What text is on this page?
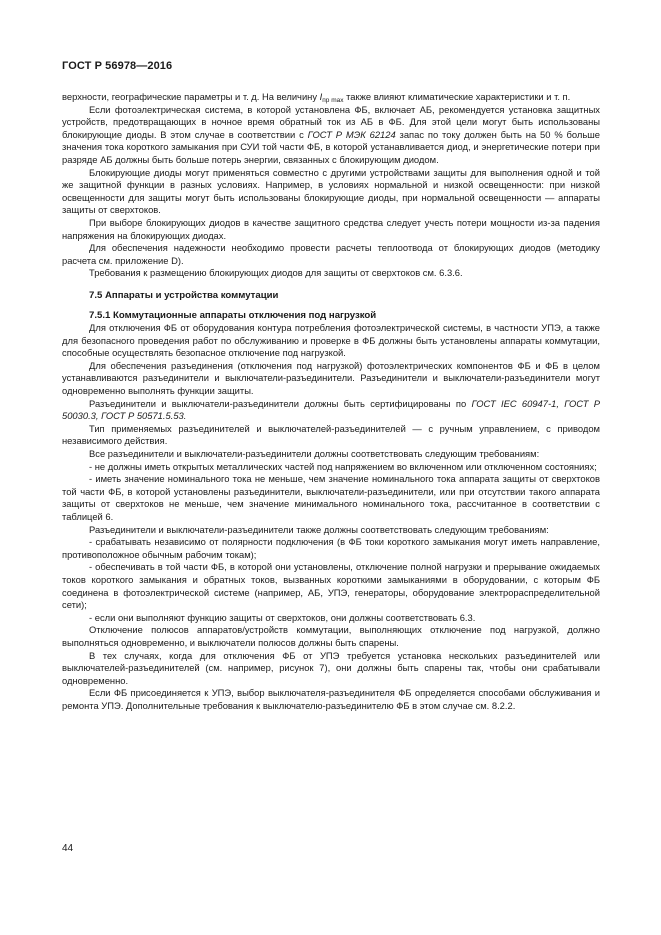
ГОСТ Р 56978—2016

верхности, географические параметры и т. д. На величину $I_{пр max}$ также влияют климатические характеристики и т. п.

Если фотоэлектрическая система, в которой установлена ФБ, включает АБ, рекомендуется установка защитных устройств, предотвращающих в ночное время обратный ток из АБ в ФБ. Для этой цели могут быть использованы блокирующие диоды. В этом случае в соответствии с ГОСТ Р МЭК 62124 запас по току должен быть на 50 % больше значения тока короткого замыкания при СУИ той части ФБ, в которой устанавливается диод, и энергетические потери при разряде АБ должны быть больше потерь энергии, связанных с блокирующим диодом.

Блокирующие диоды могут применяться совместно с другими устройствами защиты для выполнения одной и той же защитной функции в разных условиях. Например, в условиях нормальной и низкой освещенности: при низкой освещенности для защиты могут быть использованы блокирующие диоды, при нормальной освещенности — аппараты защиты от сверхтоков.

При выборе блокирующих диодов в качестве защитного средства следует учесть потери мощности из-за падения напряжения на блокирующих диодах.

Для обеспечения надежности необходимо провести расчеты теплоотвода от блокирующих диодов (методику расчета см. приложение D).

Требования к размещению блокирующих диодов для защиты от сверхтоков см. 6.3.6.

7.5 Аппараты и устройства коммутации
7.5.1 Коммутационные аппараты отключения под нагрузкой

Для отключения ФБ от оборудования контура потребления фотоэлектрической системы, в частности УПЭ, а также для безопасного проведения работ по обслуживанию и проверке в ФБ должны быть установлены аппараты коммутации, способные осуществлять безопасное отключение под нагрузкой.

Для обеспечения разъединения (отключения под нагрузкой) фотоэлектрических компонентов ФБ и ФБ в целом устанавливаются разъединители и выключатели-разъединители. Разъединители и выключатели-разъединители могут одновременно выполнять функции защиты.

Разъединители и выключатели-разъединители должны быть сертифицированы по ГОСТ IEC 60947-1, ГОСТ Р 50030.3, ГОСТ Р 50571.5.53.

Тип применяемых разъединителей и выключателей-разъединителей — с ручным управлением, с приводом независимого действия.

Все разъединители и выключатели-разъединители должны соответствовать следующим требованиям:

- не должны иметь открытых металлических частей под напряжением во включенном или отключенном состояниях;

- иметь значение номинального тока не меньше, чем значение номинального тока аппарата защиты от сверхтоков той части ФБ, в которой установлены разъединители, выключатели-разъединители, или при отсутствии такого аппарата защиты от сверхтоков не меньше, чем значение минимального номинального тока, рассчитанное в соответствии с таблицей 6.

Разъединители и выключатели-разъединители также должны соответствовать следующим требованиям:

- срабатывать независимо от полярности подключения (в ФБ токи короткого замыкания могут иметь направление, противоположное обычным рабочим токам);

- обеспечивать в той части ФБ, в которой они установлены, отключение полной нагрузки и прерывание ожидаемых токов короткого замыкания и обратных токов, вызванных короткими замыканиями в оборудовании, с которым ФБ соединена в фотоэлектрической системе (например, АБ, УПЭ, генераторы, оборудование электрораспределительной сети);

- если они выполняют функцию защиты от сверхтоков, они должны соответствовать 6.3.

Отключение полюсов аппаратов/устройств коммутации, выполняющих отключение под нагрузкой, должно выполняться одновременно, и выключатели полюсов должны быть спарены.

В тех случаях, когда для отключения ФБ от УПЭ требуется установка нескольких разъединителей или выключателей-разъединителей (см. например, рисунок 7), они должны быть спарены так, чтобы они срабатывали одновременно.

Если ФБ присоединяется к УПЭ, выбор выключателя-разъединителя ФБ определяется способами обслуживания и ремонта УПЭ. Дополнительные требования к выключателю-разъединителю ФБ в этом случае см. 8.2.2.

44
